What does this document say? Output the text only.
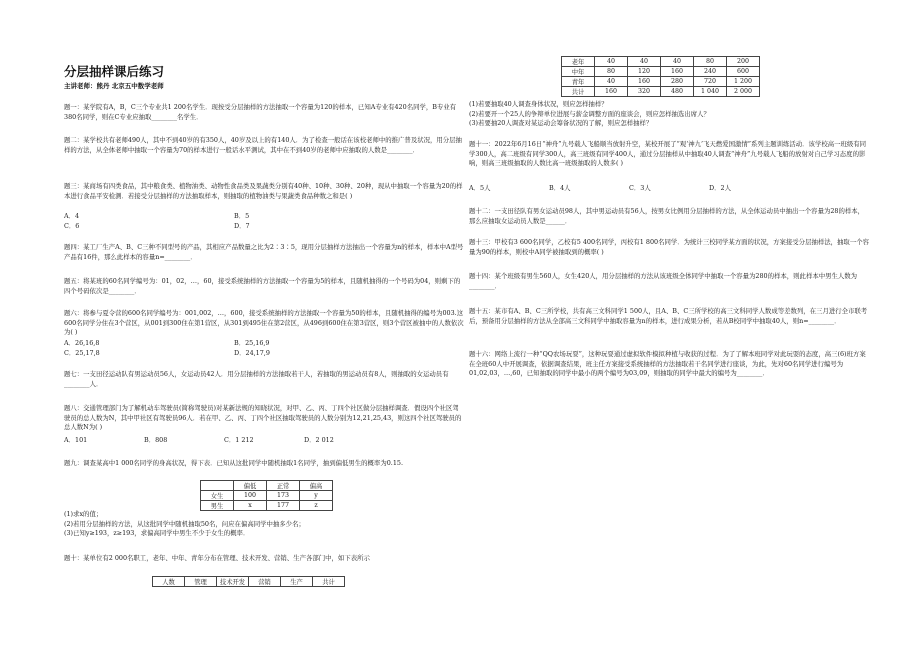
分层抽样课后练习
主讲老师：熊丹 北京五中数学老师

题一：某学院有A，B，C三个专业共1 200名学生．现按受分层抽样的方法抽取一个容量为120的样本，已知A专业有420名同学，B专业有380名同学，则在C专业应抽取________名学生．

题二：某学校共有老师490人，其中不到40岁的有350人，40岁及以上的有140人．为了检查一般话在该校老师中的推广普及状况，用分层抽样的方法，从全体老师中抽取一个容量为70的样本进行一般话水平测试，其中在不到40岁的老师中应抽取的人数是________．

题三：某商场有四类食品，其中粮食类、植物油类、动物性食品类及果蔬类分别有40种、10种、30种、20种，现从中抽取一个容量为20的样本进行食品平安检测．若接受分层抽样的方法抽取样本，则抽取的植物油类与果蔬类食品种数之和是( )

A．4	B．5
C．6	D．7

题四：某工厂生产A、B、C三种不同型号的产品，其相应产品数量之比为2∶3∶5，现用分层抽样方法抽出一个容量为n的样本，样本中A型号产品有16件，那么此样本的容量n=________．

题五：将某班的60名同学编号为：01，02，…，60，接受系统抽样的方法抽取一个容量为5的样本，且随机抽得的一个号码为04，则剩下的四个号码依次是________．

题六：将参与夏令营的600名同学编号为：001,002，…，600，接受系统抽样的方法抽取一个容量为50的样本，且随机抽得的编号为003.这600名同学分住在3个营区，从001到300住在第1营区，从301到495住在第2营区，从496到600住在第3营区，则3个营区被抽中的人数依次为( )

A．26,16,8	B．25,16,9
C．25,17,8	D．24,17,9

题七：一支田径运动队有男运动员56人，女运动员42人．用分层抽样的方法抽取若干人，若抽取的男运动员有8人，则抽取的女运动员有________人．

题八：交通管理部门为了解机动车驾驶员(简称驾驶员)对某新法规的知晓状况，对甲、乙、丙、丁四个社区做分层抽样调查．假设四个社区驾驶员的总人数为N，其中甲社区有驾驶员96人．若在甲、乙、丙、丁四个社区抽取驾驶员的人数分别为12,21,25,43，则这四个社区驾驶员的总人数N为( )

A．101	B．808	C．1 212	D．2 012

题九：调查某高中1 000名同学的身高状况，得下表．已知从这批同学中随机抽取1名同学，抽到偏低男生的概率为0.15.

(1)求x的值；
(2)若用分层抽样的方法，从这批同学中随机抽取50名，问应在偏高同学中抽多少名；
(3)已知y≥193，z≥193，求偏高同学中男生不少于女生的概率．

题十：某单位有2 000名职工，老年、中年、青年分布在管理、技术开发、营销、生产各部门中，如下表所示

	偏低	正常	偏高
女生	100	173	y
男生	x	177	z
人数	管理	技术开发	营销	生产	共计
老年	40	40	40	80	200
中年	80	120	160	240	600
青年	40	160	280	720	1 200
共计	160	320	480	1 040	2 000
(1)若要抽取40人调查身体状况，则应怎样抽样？
(2)若要开一个25人的争辩单位进展与薪金调整方面的座谈会，则应怎样抽选出席人？
(3)若要抽20人调查对某运动会筹备状况的了解，则应怎样抽样？

题十一：2022年6月16日“神舟”九号载人飞船顺当放射升空，某校开展了“观‘神九’飞天燃爱国激情”系列主题训练活动．该学校高一班级有同学300人，高二班级有同学300人，高三班级有同学400人，通过分层抽样从中抽取40人调查“神舟”九号载人飞船的放射对自己学习态度的影响，则高三班级抽取的人数比高一班级抽取的人数多( )

A．5人	B．4人	C．3人	D．2人

题十二：一支田径队有男女运动员98人，其中男运动员有56人，按男女比例用分层抽样的方法，从全体运动员中抽出一个容量为28的样本，那么应抽取女运动员人数是______．

题十三：甲校有3 600名同学，乙校有5 400名同学，丙校有1 800名同学．为统计三校同学某方面的状况，方案接受分层抽样法，抽取一个容量为90的样本，则校中A同学被抽取到的概率( )

题十四：某个班级有男生560人，女生420人，用分层抽样的方法从该班级全体同学中抽取一个容量为280的样本，则此样本中男生人数为________．

题十五：某市有A、B、C三所学校，共有高三文科同学1 500人，且A、B、C三所学校的高三文科同学人数成等差数列，在三月进行全市联考后，预备用分层抽样的方法从全部高三文科同学中抽取容量为n的样本，进行成果分析，若从B校同学中抽取40人，则n=________．

题十六：网络上流行一种“QQ农场玩耍”，这种玩耍通过虚拟软件模拟种植与收获的过程．为了了解本班同学对此玩耍的态度，高三(6)班方案在全班60人中开展调查，依据调查结果，班主任方案接受系统抽样的方法抽取若干名同学进行座谈，为此，先对60名同学进行编号为01,02,03，…,60，已知抽取的同学中最小的两个编号为03,09，则抽取的同学中最大的编号为________．
